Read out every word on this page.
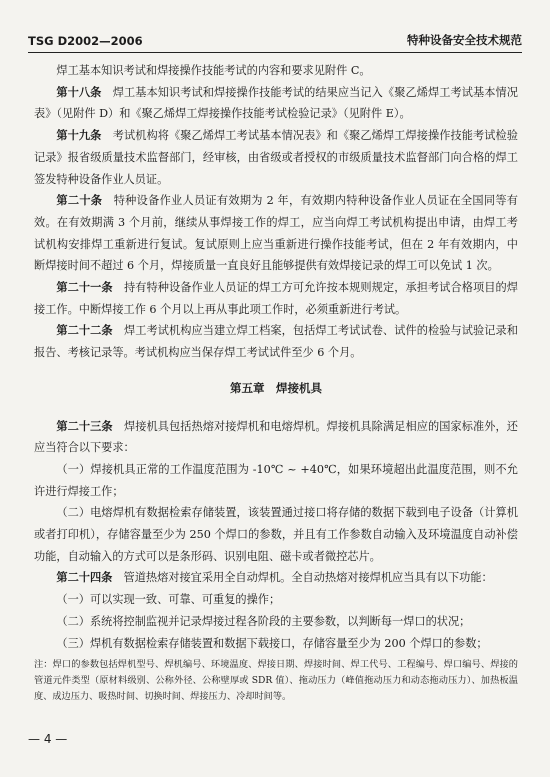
TSG D2002—2006	特种设备安全技术规范

焊工基本知识考试和焊接操作技能考试的内容和要求见附件 C。

第十八条　 焊工基本知识考试和焊接操作技能考试的结果应当记入《聚乙烯焊工考试基本情况表》（见附件 D）和《聚乙烯焊工焊接操作技能考试检验记录》（见附件 E）。

第十九条　 考试机构将《聚乙烯焊工考试基本情况表》和《聚乙烯焊工焊接操作技能考试检验记录》报省级质量技术监督部门，经审核，由省级或者授权的市级质量技术监督部门向合格的焊工签发特种设备作业人员证。

第二十条　 特种设备作业人员证有效期为 2 年，有效期内特种设备作业人员证在全国同等有效。在有效期满 3 个月前，继续从事焊接工作的焊工，应当向焊工考试机构提出申请，由焊工考试机构安排焊工重新进行复试。复试原则上应当重新进行操作技能考试，但在 2 年有效期内，中断焊接时间不超过 6 个月，焊接质量一直良好且能够提供有效焊接记录的焊工可以免试 1 次。

第二十一条　 持有特种设备作业人员证的焊工方可允许按本规则规定，承担考试合格项目的焊接工作。中断焊接工作 6 个月以上再从事此项工作时，必须重新进行考试。

第二十二条　 焊工考试机构应当建立焊工档案，包括焊工考试试卷、试件的检验与试验记录和报告、考核记录等。考试机构应当保存焊工考试试件至少 6 个月。

第五章　焊接机具

第二十三条　 焊接机具包括热熔对接焊机和电熔焊机。焊接机具除满足相应的国家标准外，还应当符合以下要求：

（一）焊接机具正常的工作温度范围为 -10℃ ~ +40℃，如果环境超出此温度范围，则不允许进行焊接工作；

（二）电熔焊机有数据检索存储装置，该装置通过接口将存储的数据下载到电子设备（计算机或者打印机），存储容量至少为 250 个焊口的参数，并且有工作参数自动输入及环境温度自动补偿功能，自动输入的方式可以是条形码、识别电阻、磁卡或者微控芯片。

第二十四条　 管道热熔对接宜采用全自动焊机。全自动热熔对接焊机应当具有以下功能：

（一）可以实现一致、可靠、可重复的操作；

（二）系统将控制监视并记录焊接过程各阶段的主要参数，以判断每一焊口的状况；

（三）焊机有数据检索存储装置和数据下载接口，存储容量至少为 200 个焊口的参数；

注：焊口的参数包括焊机型号、焊机编号、环境温度、焊接日期、焊接时间、焊工代号、工程编号、焊口编号、焊接的管道元件类型（原材料级别、公称外径、公称壁厚或 SDR 值）、拖动压力（峰值拖动压力和动态拖动压力）、加热板温度、成边压力、吸热时间、切换时间、焊接压力、冷却时间等。

— 4 —
